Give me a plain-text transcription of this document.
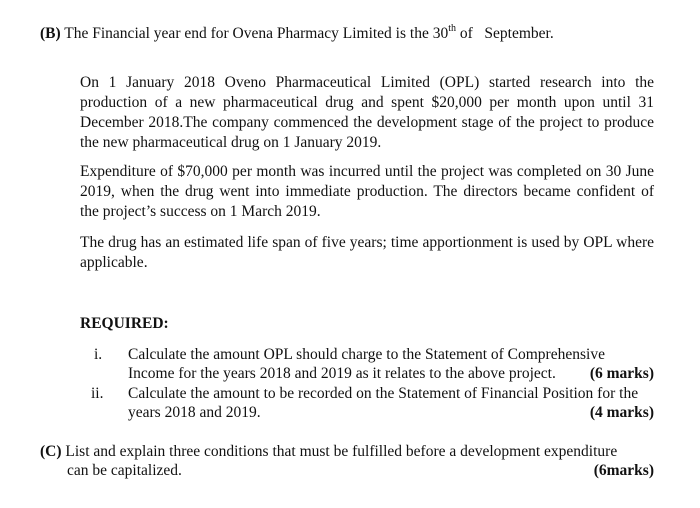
(B) The Financial year end for Ovena Pharmacy Limited is the 30th of   September.
On 1 January 2018 Oveno Pharmaceutical Limited (OPL) started research into the
production of a new pharmaceutical drug and spent $20,000 per month upon until 31
December 2018.The company commenced the development stage of the project to produce
the new pharmaceutical drug on 1 January 2019.
Expenditure of $70,000 per month was incurred until the project was completed on 30 June
2019, when the drug went into immediate production. The directors became confident of
the project’s success on 1 March 2019.
The drug has an estimated life span of five years; time apportionment is used by OPL where
applicable.
REQUIRED:
i. Calculate the amount OPL should charge to the Statement of Comprehensive
Income for the years 2018 and 2019 as it relates to the above project. (6 marks)
ii. Calculate the amount to be recorded on the Statement of Financial Position for the
years 2018 and 2019.	(4 marks)
(C) List and explain three conditions that must be fulfilled before a development expenditure
can be capitalized.	(6marks)
